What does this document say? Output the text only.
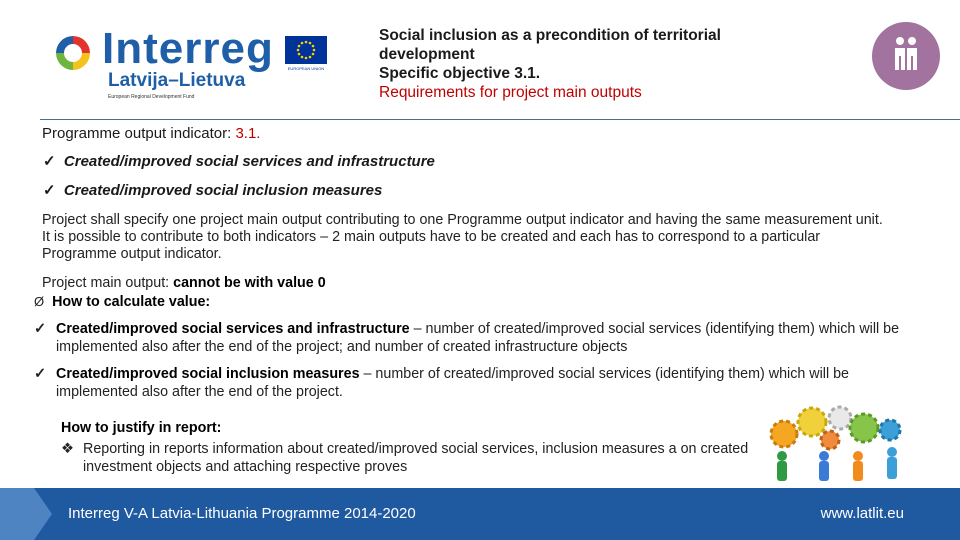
Interreg
Latvija–Lietuva
European Regional Development Fund
EUROPEAN UNION
Social inclusion as a precondition of territorial development
Specific objective 3.1.
Requirements for project main outputs
Programme output indicator: 3.1.
✓ Created/improved social services and infrastructure
✓ Created/improved social inclusion measures
Project shall specify one project main output contributing to one Programme output indicator and having the same measurement unit. It is possible to contribute to both indicators – 2 main outputs have to be created and each has to correspond to a particular Programme output indicator.
Project main output: cannot be with value 0
Ø How to calculate value:
✓ Created/improved social services and infrastructure – number of created/improved social services (identifying them) which will be implemented also after the end of the project; and number of created infrastructure objects
✓ Created/improved social inclusion measures – number of created/improved social services (identifying them) which will be implemented also after the end of the project.
How to justify in report:
❖ Reporting in reports information about created/improved social services, inclusion measures a on created investment objects and attaching respective proves
Interreg V-A Latvia-Lithuania Programme 2014-2020	www.latlit.eu
